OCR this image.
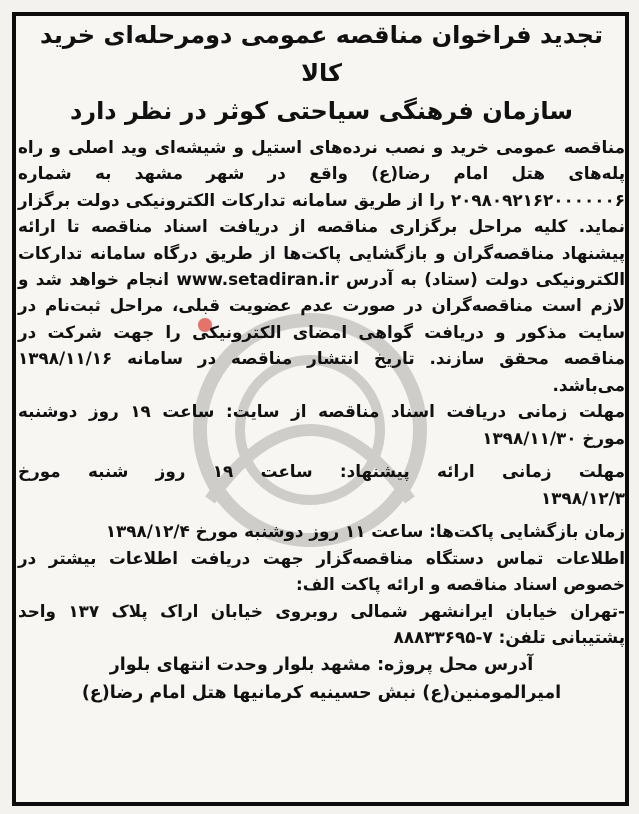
تجدید فراخوان مناقصه عمومی دومرحله‌ای خرید کالا

سازمان فرهنگی سیاحتی کوثر در نظر دارد

مناقصه عمومی خرید و نصب نرده‌های استیل و شیشه‌ای وید اصلی و راه پله‌های هتل امام رضا(ع) واقع در شهر مشهد به شماره ۲۰۹۸۰۹۲۱۶۲۰۰۰۰۰۰۶ را از طریق سامانه تدارکات الکترونیکی دولت برگزار نماید. کلیه مراحل برگزاری مناقصه از دریافت اسناد مناقصه تا ارائه پیشنهاد مناقصه‌گران و بازگشایی پاکت‌ها از طریق درگاه سامانه تدارکات الکترونیکی دولت (ستاد) به آدرس www.setadiran.ir انجام خواهد شد و لازم است مناقصه‌گران در صورت عدم عضویت قبلی، مراحل ثبت‌نام در سایت مذکور و دریافت گواهی امضای الکترونیکی را جهت شرکت در مناقصه محقق سازند. تاریخ انتشار مناقصه در سامانه ۱۳۹۸/۱۱/۱۶ می‌باشد.

مهلت زمانی دریافت اسناد مناقصه از سایت: ساعت ۱۹ روز دوشنبه

مورخ ۱۳۹۸/۱۱/۳۰

مهلت زمانی ارائه پیشنهاد: ساعت ۱۹ روز شنبه مورخ

۱۳۹۸/۱۲/۳

زمان بازگشایی پاکت‌ها: ساعت ۱۱ روز دوشنبه مورخ ۱۳۹۸/۱۲/۴

اطلاعات تماس دستگاه مناقصه‌گزار جهت دریافت اطلاعات بیشتر در خصوص اسناد مناقصه و ارائه پاکت الف:

-تهران خیابان ایرانشهر شمالی روبروی خیابان اراک پلاک ۱۳۷ واحد پشتیبانی تلفن: ۷-۸۸۸۳۳۶۹۵

آدرس محل پروژه: مشهد بلوار وحدت انتهای بلوار

امیرالمومنین(ع) نبش حسینیه کرمانیها هتل امام رضا(ع)
